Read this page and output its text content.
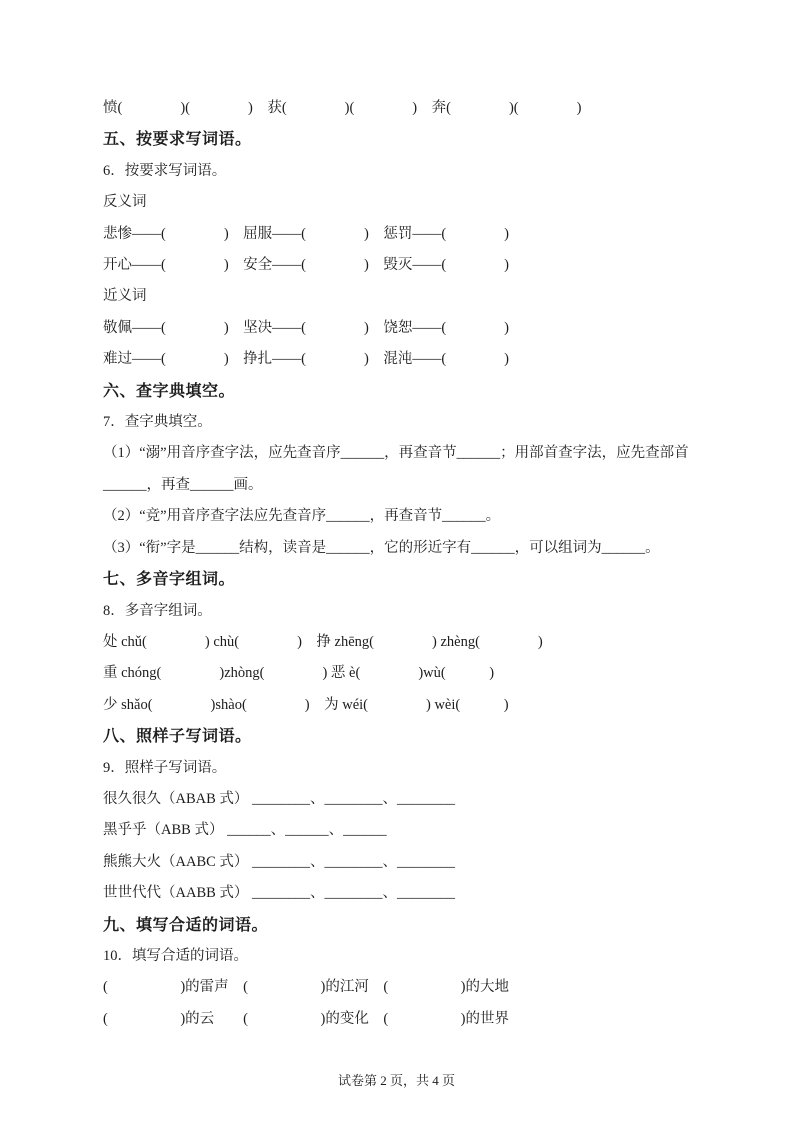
愤(　　　　)(　　　　)　获(　　　　)(　　　　)　奔(　　　　)(　　　　)

五、按要求写词语。

6．按要求写词语。

反义词

悲惨——(　　　　)　屈服——(　　　　)　惩罚——(　　　　)

开心——(　　　　)　安全——(　　　　)　毁灭——(　　　　)

近义词

敬佩——(　　　　)　坚决——(　　　　)　饶恕——(　　　　)

难过——(　　　　)　挣扎——(　　　　)　混沌——(　　　　)

六、查字典填空。

7．查字典填空。

（1）“溺”用音序查字法，应先查音序______，再查音节______；用部首查字法，应先查部首______，再查______画。

（2）“竞”用音序查字法应先查音序______，再查音节______。

（3）“衔”字是______结构，读音是______，它的形近字有______，可以组词为______。

七、多音字组词。

8．多音字组词。

处 chǔ(　　　　) chù(　　　　)　挣 zhēng(　　　　) zhèng(　　　　)

重 chóng(　　　　)zhòng(　　　　) 恶 è(　　　　)wù(　　　)

少 shǎo(　　　　)shào(　　　　)　为 wéi(　　　　) wèi(　　　)

八、照样子写词语。

9．照样子写词语。

很久很久（ABAB 式） ________、________、________

黑乎乎（ABB 式） ______、______、______

熊熊大火（AABC 式） ________、________、________

世世代代（AABB 式） ________、________、________

九、填写合适的词语。

10．填写合适的词语。

(　　　　　)的雷声　(　　　　　)的江河　(　　　　　)的大地

(　　　　　)的云　　(　　　　　)的变化　(　　　　　)的世界

试卷第 2 页，共 4 页
